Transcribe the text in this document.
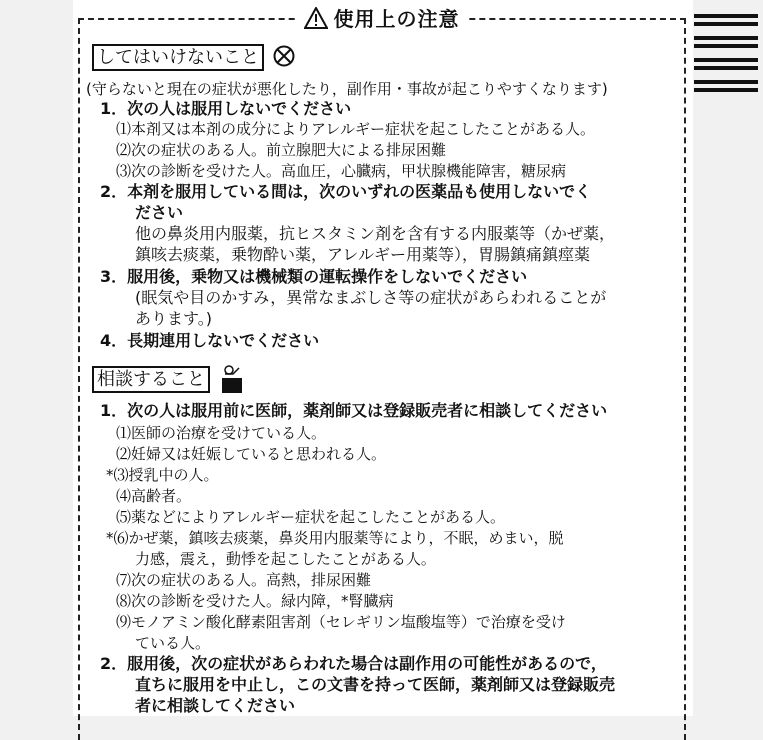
使用上の注意
してはいけないこと
(守らないと現在の症状が悪化したり，副作用・事故が起こりやすくなります)
1．次の人は服用しないでください
⑴本剤又は本剤の成分によりアレルギー症状を起こしたことがある人。
⑵次の症状のある人。前立腺肥大による排尿困難
⑶次の診断を受けた人。高血圧，心臓病，甲状腺機能障害，糖尿病
2．本剤を服用している間は，次のいずれの医薬品も使用しないでく
ださい
他の鼻炎用内服薬，抗ヒスタミン剤を含有する内服薬等（かぜ薬，
鎮咳去痰薬，乗物酔い薬，アレルギー用薬等），胃腸鎮痛鎮痙薬
3．服用後，乗物又は機械類の運転操作をしないでください
(眠気や目のかすみ，異常なまぶしさ等の症状があらわれることが
あります。)
4．長期連用しないでください
相談すること
1．次の人は服用前に医師，薬剤師又は登録販売者に相談してください
⑴医師の治療を受けている人。
⑵妊婦又は妊娠していると思われる人。
*⑶授乳中の人。
⑷高齢者。
⑸薬などによりアレルギー症状を起こしたことがある人。
*⑹かぜ薬，鎮咳去痰薬，鼻炎用内服薬等により，不眠，めまい，脱
力感，震え，動悸を起こしたことがある人。
⑺次の症状のある人。高熱，排尿困難
⑻次の診断を受けた人。緑内障，*腎臓病
⑼モノアミン酸化酵素阻害剤（セレギリン塩酸塩等）で治療を受け
ている人。
2．服用後，次の症状があらわれた場合は副作用の可能性があるので，
直ちに服用を中止し，この文書を持って医師，薬剤師又は登録販売
者に相談してください
